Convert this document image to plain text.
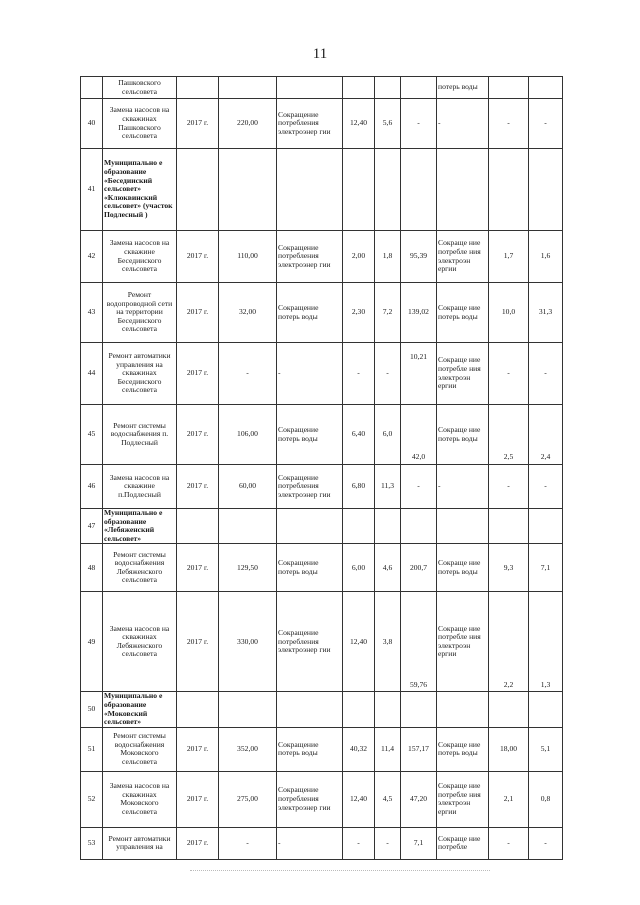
11
	Пашковского сельсовета							потерь воды		
40	Замена насосов на скважинах Пашковского сельсовета	2017 г.	220,00	Сокращение потребления электроэнер гии	12,40	5,6	-	-	-	-
41	Муниципально е образование «Беседииский сельсовет» «Клюквинский сельсовет» (участок Подлесный )									
42	Замена насосов на скважине Беседииского сельсовета	2017 г.	110,00	Сокращение потребления электроэнер гии	2,00	1,8	95,39	Сокраще ние потребле ния электроэн ергии	1,7	1,6
43	Ремонт водопроводной сети на территории Беседииского сельсовета	2017 г.	32,00	Сокращение потерь воды	2,30	7,2	139,02	Сокраще ние потерь воды	10,0	31,3
44	Ремонт автоматики управления на скважинах Беседииского сельсовета	2017 г.	-	-	-	-	10,21	Сокраще ние потребле ния электроэн ергии	-	-
45	Ремонт системы водоснабжения п. Подлесный	2017 г.	106,00	Сокращение потерь воды	6,40	6,0	42,0	Сокраще ние потерь воды	2,5	2,4
46	Замена насосов на скважине п.Подлесный	2017 г.	60,00	Сокращение потребления электроэнер гии	6,80	11,3	-	-	-	-
47	Муниципально е образование «Лебяженский сельсовет»									
48	Ремонт системы водоснабжения Лебяженского сельсовета	2017 г.	129,50	Сокращение потерь воды	6,00	4,6	200,7	Сокраще ние потерь воды	9,3	7,1
49	Замена насосов на скважинах Лебяженского сельсовета	2017 г.	330,00	Сокращение потребления электроэнер гии	12,40	3,8	59,76	Сокраще ние потребле ния электроэн ергии	2,2	1,3
50	Муниципально е образование «Моковский сельсовет»									
51	Ремонт системы водоснабжения Моковского сельсовета	2017 г.	352,00	Сокращение потерь воды	40,32	11,4	157,17	Сокраще ние потерь воды	18,00	5,1
52	Замена насосов на скважинах Моковского сельсовета	2017 г.	275,00	Сокращение потребления электроэнер гии	12,40	4,5	47,20	Сокраще ние потребле ния электроэн ергии	2,1	0,8
53	Ремонт автоматики управления на	2017 г.	-	-	-	-	7,1	Сокраще ние потребле	-	-
